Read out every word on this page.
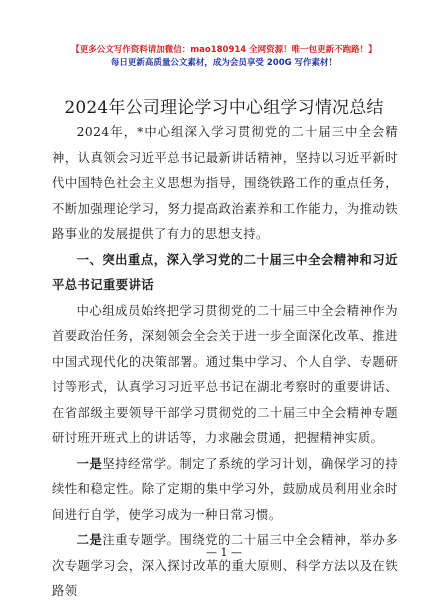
【更多公文写作资料请加微信：mao180914 全网资源！唯一包更新不跑路！】
每日更新高质量公文素材，成为会员享受 200G 写作素材！
2024年公司理论学习中心组学习情况总结

2024年，*中心组深入学习贯彻党的二十届三中全会精神，认真领会习近平总书记最新讲话精神，坚持以习近平新时代中国特色社会主义思想为指导，围绕铁路工作的重点任务，不断加强理论学习，努力提高政治素养和工作能力，为推动铁路事业的发展提供了有力的思想支持。

一、突出重点，深入学习党的二十届三中全会精神和习近平总书记重要讲话

中心组成员始终把学习贯彻党的二十届三中全会精神作为首要政治任务，深刻领会全会关于进一步全面深化改革、推进中国式现代化的决策部署。通过集中学习、个人自学、专题研讨等形式，认真学习习近平总书记在湖北考察时的重要讲话、在省部级主要领导干部学习贯彻党的二十届三中全会精神专题研讨班开班式上的讲话等，力求融会贯通，把握精神实质。

一是坚持经常学。制定了系统的学习计划，确保学习的持续性和稳定性。除了定期的集中学习外，鼓励成员利用业余时间进行自学，使学习成为一种日常习惯。

二是注重专题学。围绕党的二十届三中全会精神，举办多次专题学习会，深入探讨改革的重大原则、科学方法以及在铁路领

— 1 —
